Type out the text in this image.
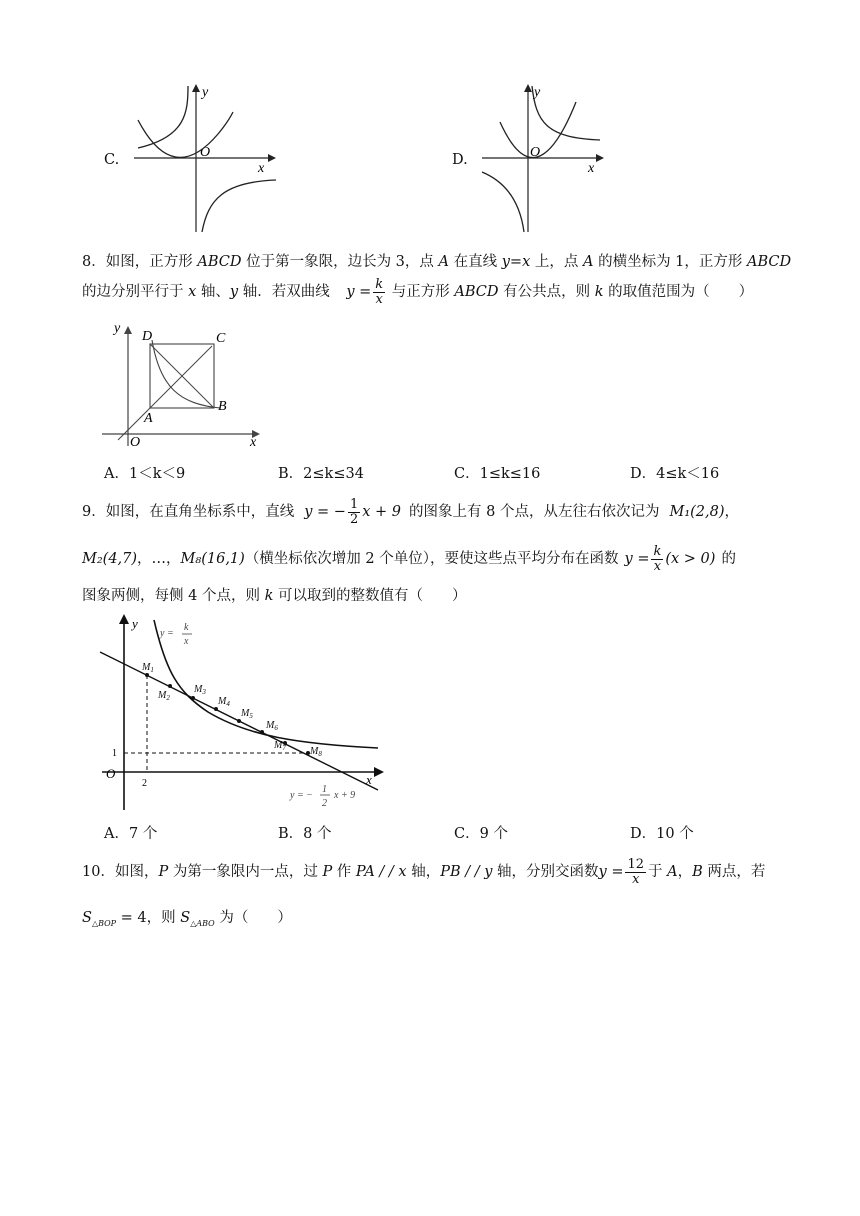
C.
y
x
O	D.
y
x
O
8．如图，正方形 ABCD 位于第一象限，边长为 3，点 A 在直线 y=x 上，点 A 的横坐标为 1，正方形 ABCD
的边分别平行于 x 轴、y 轴．若双曲线 $y = \frac{k}{x}$ 与正方形 ABCD 有公共点，则 k 的取值范围为（　　）
y
x
O
D	C
A
B
A．1＜k＜9	B．2≤k≤34	C．1≤k≤16	D．4≤k＜16
9．如图，在直角坐标系中，直线 y = − $\frac{1}{2}$ x + 9 的图象上有 8 个点，从左往右依次记为 M₁(2,8)，
M₂(4,7)，…，M₈(16,1)（横坐标依次增加 2 个单位），要使这些点平均分布在函数 $y = \frac{k}{x} (x > 0)$ 的
图象两侧，每侧 4 个点，则 k 可以取到的整数值有（　　）
y
x
O
1
2
$M_1$
$M_2$
$M_3$
$M_4$
$M_5$
$M_6$
$M_7$ $M_8$
y =
k
x
y = −
1
2
x + 9
A．7 个	B．8 个	C．9 个	D．10 个
10．如图，P 为第一象限内一点，过 P 作 PA / / x 轴，PB / / y 轴，分别交函数$y = \frac{12}{x}$ 于 A，B 两点，若
$S_{\triangle BOP} = 4$，则 $S_{\triangle ABO}$ 为（　　）
